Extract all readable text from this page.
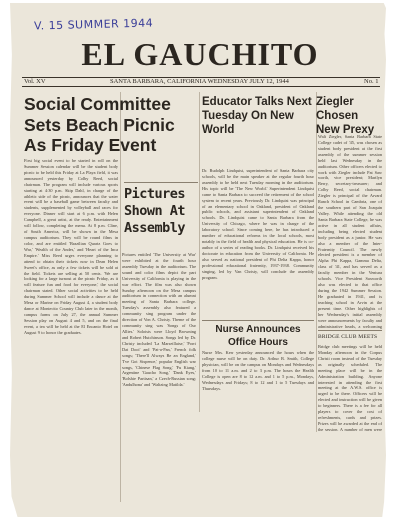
V. 15 SUMMER 1944
EL GAUCHITO
Vol. XV	SANTA BARBARA, CALIFORNIA WEDNESDAY JULY 12, 1944	No. 1
Social Committee Sets Beach Picnic As Friday Event
First big social event to be started in roll on the Summer Session calendar will be the student body picnic to be held this Friday at La Playa field, it was announced yesterday by Colby Reed, social chairman. The program will include various sports starting at 4:30 p.m. Skip Dahl, in charge of the athletic side of the picnic, announces that the water event will be a baseball game between faculty and students, supplemented by volleyball and races for everyone. Dinner will start at 6 p.m. with Helen Campbell, a great artist, at the ready. Entertainment will follow, completing the menu. At 8 p.m. Cline, of South America, will be shown in the Mesa campus auditorium. They will be round films in color, and are entitled 'Brazilian Quartz Goes to War,' 'Wealth of the Andes,' and 'Heart of the Inca Empire.' Miss Reed urges everyone planning to attend to obtain their tickets now in Dean Helen Sweet's office, as only a few tickets will be sold at the field. Tickets are selling at 50 cents. 'We are looking for a large turnout at the picnic Friday, as it will feature fun and food for everyone,' the social chairman stated. Other social activities to be held during Summer School will include a dance at the Mesa or Marine on Friday August 4, a student body dance at Montecito Country Club later in the month, campus farms on July 27, the annual Summer Session play on August 4 and 5, and on the final event, a tea will be held at the El Encanto Hotel on August 9 to honor the graduates.
Pictures Shown At Assembly
Pictures entitled 'The University at War' were exhibited at the fourth hour assembly Tuesday in the auditorium. The sound and color films depict the part University of California is playing in the war effort. The film was also shown Sunday afternoon on the Mesa campus auditorium in connection with an alumni meeting of Santa Barbara college. Tuesday's assembly also featured a community sing program under the direction of Von A. Christy. Theme of the community sing was 'Songs of Our Allies.' Soloists were Lloyd Browning and Robert Hutchinson. Songs led by Dr. Christy included 'La Marseillaise,' 'Porri Dat Dooi' and 'Pat-a-Pan,' French folk songs; 'There'll Always Be an England,' 'I've Got Sixpence,' popular English war songs, 'Chinese Flag Song,' 'Fu Kiang,' Argentine 'Gaucho Song,' 'Dank Eyes,' 'Bolshie Partisan,' a Czech-Russian song; 'Andulhona' and 'Waltzing Matilda.'
Educator Talks Next Tuesday On New World
Dr. Rudolph Lindquist, superintendent of Santa Barbara city schools, will be the main speaker at the regular fourth hour assembly to be held next Tuesday morning in the auditorium. His topic will be 'The New World.' Superintendent Lindquist came to Santa Barbara to succeed the retirement of the school system to recent years. Previously Dr. Lindquist was principal of an elementary school in Oakland, president of Oakland public schools, and assistant superintendent of Oakland schools. Dr. Lindquist came to Santa Barbara from the University of Chicago, where he was in charge of the laboratory school. Since coming here, he has introduced a number of educational reforms in the local schools, most notably in the field of health and physical education. He is co-author of a series of reading books. Dr. Lindquist received his doctorate in education from the University of California. He also served as national president of Phi Delta Kappa, honor professional educational fraternity, 1937-1938. Community singing, led by Van Christy, will conclude the assembly program.
Nurse Announces Office Hours
Nurse Mrs. Kerr yesterday announced the hours when the college nurse will be on duty. Dr. Arthur B. Smith, College physician, will be on the campus on Mondays and Wednesdays from 10 to 11 a.m. and 2 to 3 p.m. The hours the Health College is open are 8 to 12 a.m. and 1 to 5 p.m., Mondays, Wednesdays and Fridays; 8 to 12 and 1 to 5 Tuesdays and Thursdays.
Ziegler Chosen New Prexy
Walt Ziegler, Santa Barbara State College cadet of '45, was chosen as student body president at the first assembly of the summer session held last Wednesday in the auditorium. Other officers elected to work with Ziegler include Pat Saw worth, vice president; Marilyn Berry, secretary-treasurer; and Colby Reed, social chairman. Ziegler is principal of the Arvard Ranch School in Cambria, one of the southern part of San Joaquin Valley. While attending the old Santa Barbara State College, he was active in all student affairs, including being elected student body president as a junior. He was also a member of the Inter-Fraternity Council. The newly elected president is a member of Alpha Phi Kappa, Gamma Delta, class of '41, and has served as a faculty member in the Ventura schools. Vice President Saxworth also was elected to that office during the 1942 Summer Session. He graduated in 1941, and is teaching school in Arvin at the present time. Other highlights of her Wednesday's initial assembly were announcements by faculty and administrative heads, a welcoming
BRIDGE CLUB MEETS
Bridge club meetings will be held Monday afternoon in the Corpus Christi room instead of the Tuesday as originally scheduled. The meeting place will be in the Administration building. Anyone interested in attending the first meeting at the A.W.S. office is urged to be there. Officers will be elected and instruction will be given to beginners. There is a fee for all players to cover the cost of refreshments, cards and prizes. Prizes will be awarded at the end of the session. A number of men were
